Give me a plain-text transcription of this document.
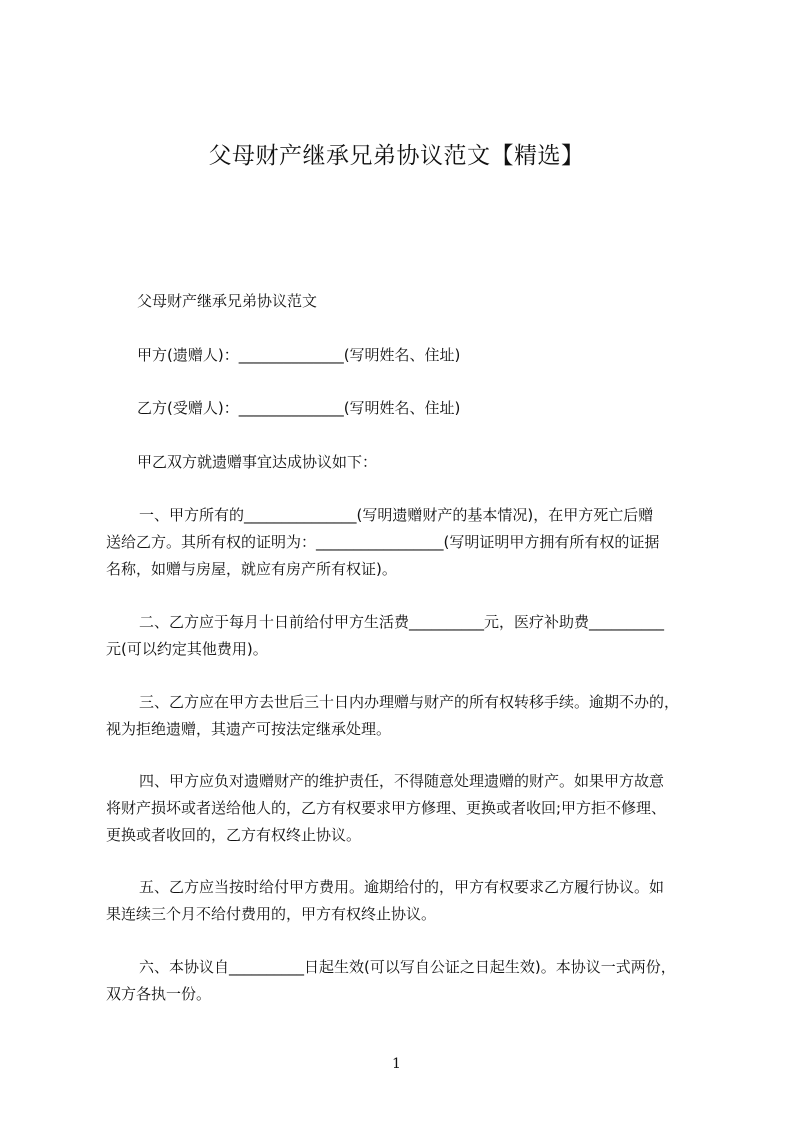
父母财产继承兄弟协议范文【精选】
父母财产继承兄弟协议范文
甲方(遗赠人)：______________(写明姓名、住址)
乙方(受赠人)：______________(写明姓名、住址)
甲乙双方就遗赠事宜达成协议如下：
一、甲方所有的_______________(写明遗赠财产的基本情况)，在甲方死亡后赠
送给乙方。其所有权的证明为：_________________(写明证明甲方拥有所有权的证据
名称，如赠与房屋，就应有房产所有权证)。
二、乙方应于每月十日前给付甲方生活费__________元，医疗补助费__________
元(可以约定其他费用)。
三、乙方应在甲方去世后三十日内办理赠与财产的所有权转移手续。逾期不办的，
视为拒绝遗赠，其遗产可按法定继承处理。
四、甲方应负对遗赠财产的维护责任，不得随意处理遗赠的财产。如果甲方故意
将财产损坏或者送给他人的，乙方有权要求甲方修理、更换或者收回;甲方拒不修理、
更换或者收回的，乙方有权终止协议。
五、乙方应当按时给付甲方费用。逾期给付的，甲方有权要求乙方履行协议。如
果连续三个月不给付费用的，甲方有权终止协议。
六、本协议自__________日起生效(可以写自公证之日起生效)。本协议一式两份，
双方各执一份。
1
